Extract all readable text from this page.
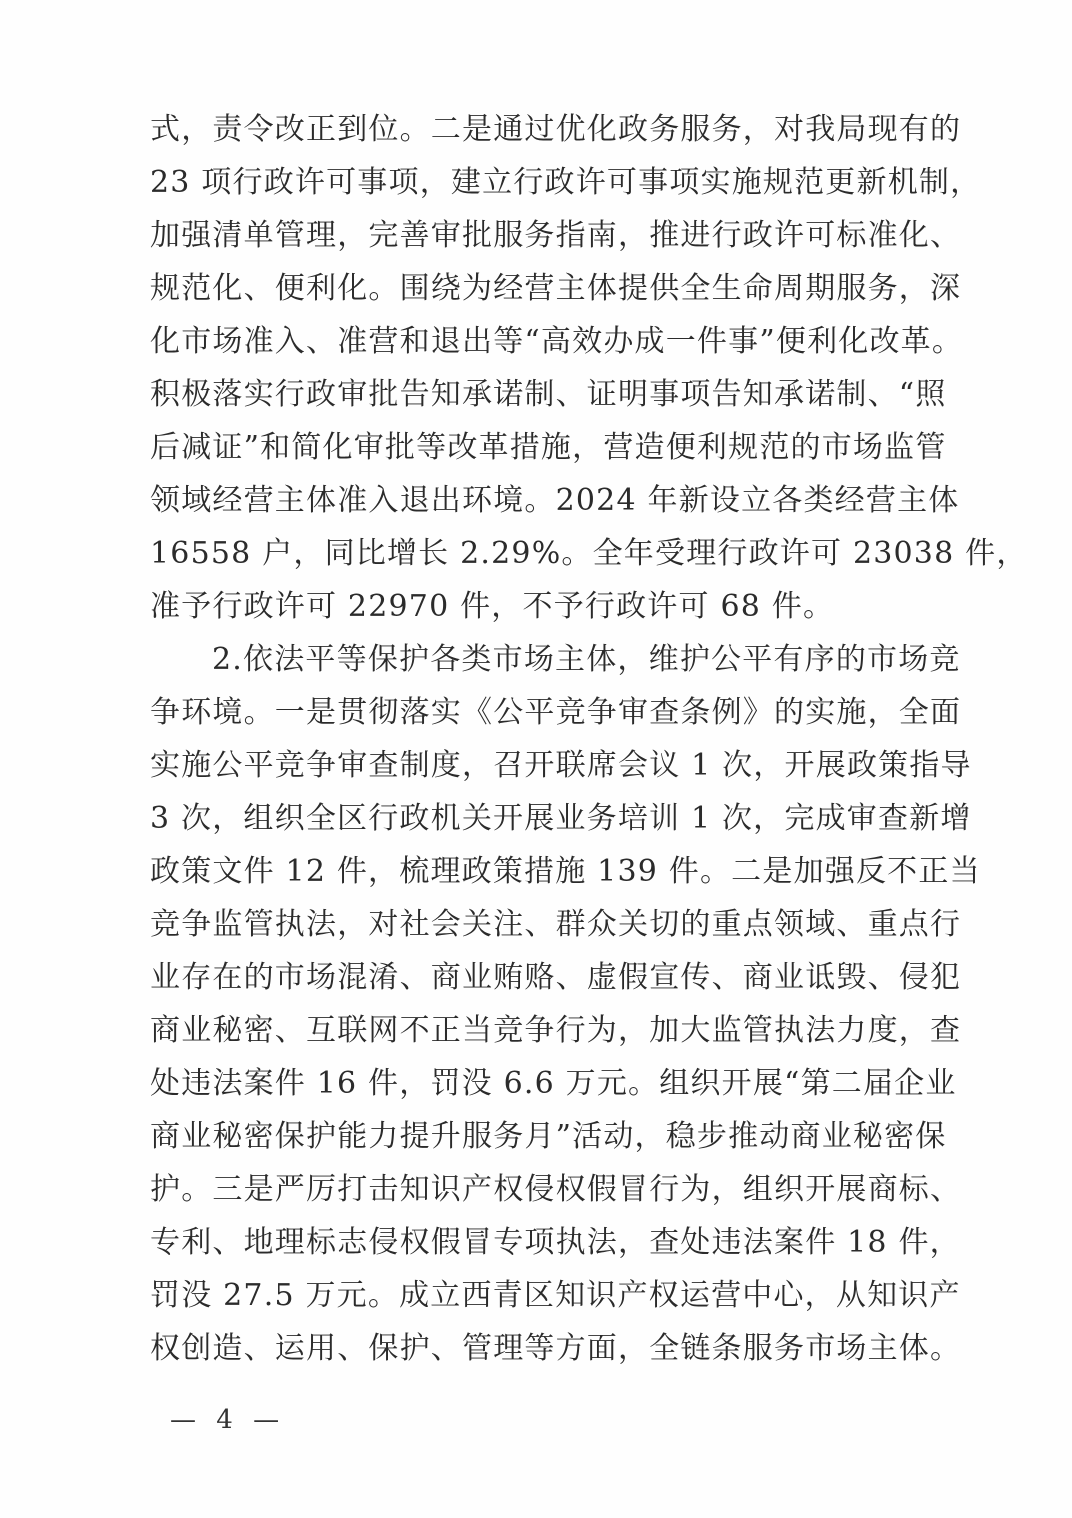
式，责令改正到位。二是通过优化政务服务，对我局现有的
23 项行政许可事项，建立行政许可事项实施规范更新机制，
加强清单管理，完善审批服务指南，推进行政许可标准化、
规范化、便利化。围绕为经营主体提供全生命周期服务，深
化市场准入、准营和退出等“高效办成一件事”便利化改革。
积极落实行政审批告知承诺制、证明事项告知承诺制、“照
后减证”和简化审批等改革措施，营造便利规范的市场监管
领域经营主体准入退出环境。2024 年新设立各类经营主体
16558 户，同比增长 2.29%。全年受理行政许可 23038 件，
准予行政许可 22970 件，不予行政许可 68 件。
2.依法平等保护各类市场主体，维护公平有序的市场竞
争环境。一是贯彻落实《公平竞争审查条例》的实施，全面
实施公平竞争审查制度，召开联席会议 1 次，开展政策指导
3 次，组织全区行政机关开展业务培训 1 次，完成审查新增
政策文件 12 件，梳理政策措施 139 件。二是加强反不正当
竞争监管执法，对社会关注、群众关切的重点领域、重点行
业存在的市场混淆、商业贿赂、虚假宣传、商业诋毁、侵犯
商业秘密、互联网不正当竞争行为，加大监管执法力度，查
处违法案件 16 件，罚没 6.6 万元。组织开展“第二届企业
商业秘密保护能力提升服务月”活动，稳步推动商业秘密保
护。三是严厉打击知识产权侵权假冒行为，组织开展商标、
专利、地理标志侵权假冒专项执法，查处违法案件 18 件，
罚没 27.5 万元。成立西青区知识产权运营中心，从知识产
权创造、运用、保护、管理等方面，全链条服务市场主体。
— 4 —
